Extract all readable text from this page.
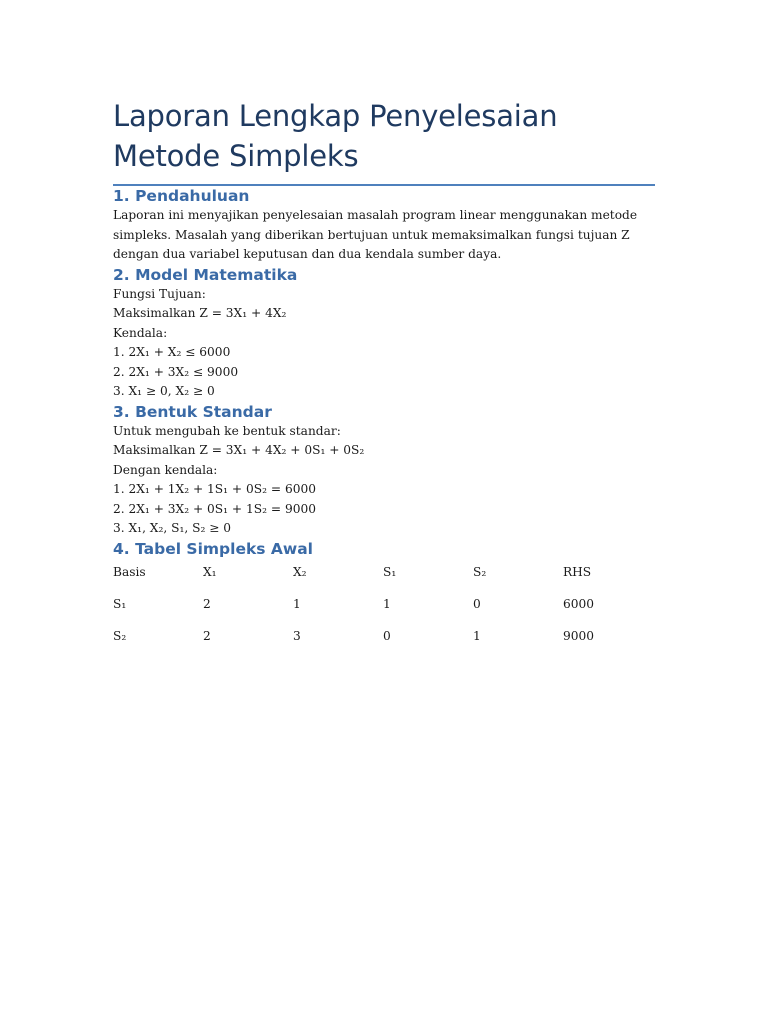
Laporan Lengkap Penyelesaian Metode Simpleks
1. Pendahuluan

Laporan ini menyajikan penyelesaian masalah program linear menggunakan metode simpleks. Masalah yang diberikan bertujuan untuk memaksimalkan fungsi tujuan Z dengan dua variabel keputusan dan dua kendala sumber daya.

2. Model Matematika

Fungsi Tujuan:

Maksimalkan Z = 3X₁ + 4X₂

Kendala:

1. 2X₁ + X₂ ≤ 6000

2. 2X₁ + 3X₂ ≤ 9000

3. X₁ ≥ 0, X₂ ≥ 0

3. Bentuk Standar

Untuk mengubah ke bentuk standar:

Maksimalkan Z = 3X₁ + 4X₂ + 0S₁ + 0S₂

Dengan kendala:

1. 2X₁ + 1X₂ + 1S₁ + 0S₂ = 6000

2. 2X₁ + 3X₂ + 0S₁ + 1S₂ = 9000

3. X₁, X₂, S₁, S₂ ≥ 0

4. Tabel Simpleks Awal
Basis	X₁	X₂	S₁	S₂	RHS
S₁	2	1	1	0	6000
S₂	2	3	0	1	9000
